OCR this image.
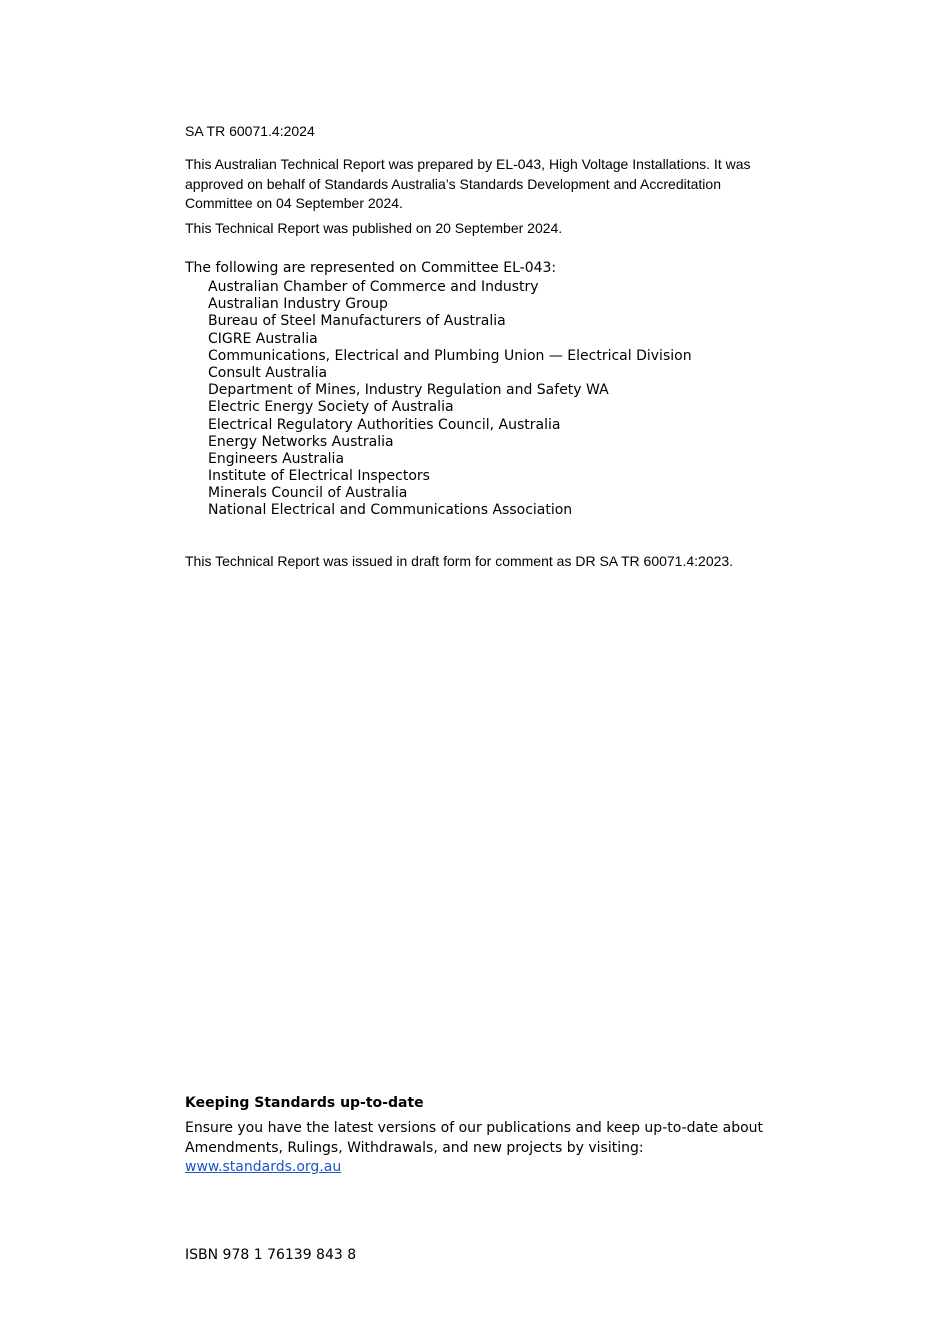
SA TR 60071.4:2024

This Australian Technical Report was prepared by EL-043, High Voltage Installations. It was approved on behalf of Standards Australia’s Standards Development and Accreditation Committee on 04 September 2024.

This Technical Report was published on 20 September 2024.

The following are represented on Committee EL-043:

Australian Chamber of Commerce and Industry
Australian Industry Group
Bureau of Steel Manufacturers of Australia
CIGRE Australia
Communications, Electrical and Plumbing Union — Electrical Division
Consult Australia
Department of Mines, Industry Regulation and Safety WA
Electric Energy Society of Australia
Electrical Regulatory Authorities Council, Australia
Energy Networks Australia
Engineers Australia
Institute of Electrical Inspectors
Minerals Council of Australia
National Electrical and Communications Association

This Technical Report was issued in draft form for comment as DR SA TR 60071.4:2023.

Keeping Standards up-to-date

Ensure you have the latest versions of our publications and keep up-to-date about Amendments, Rulings, Withdrawals, and new projects by visiting:
www.standards.org.au

ISBN 978 1 76139 843 8
